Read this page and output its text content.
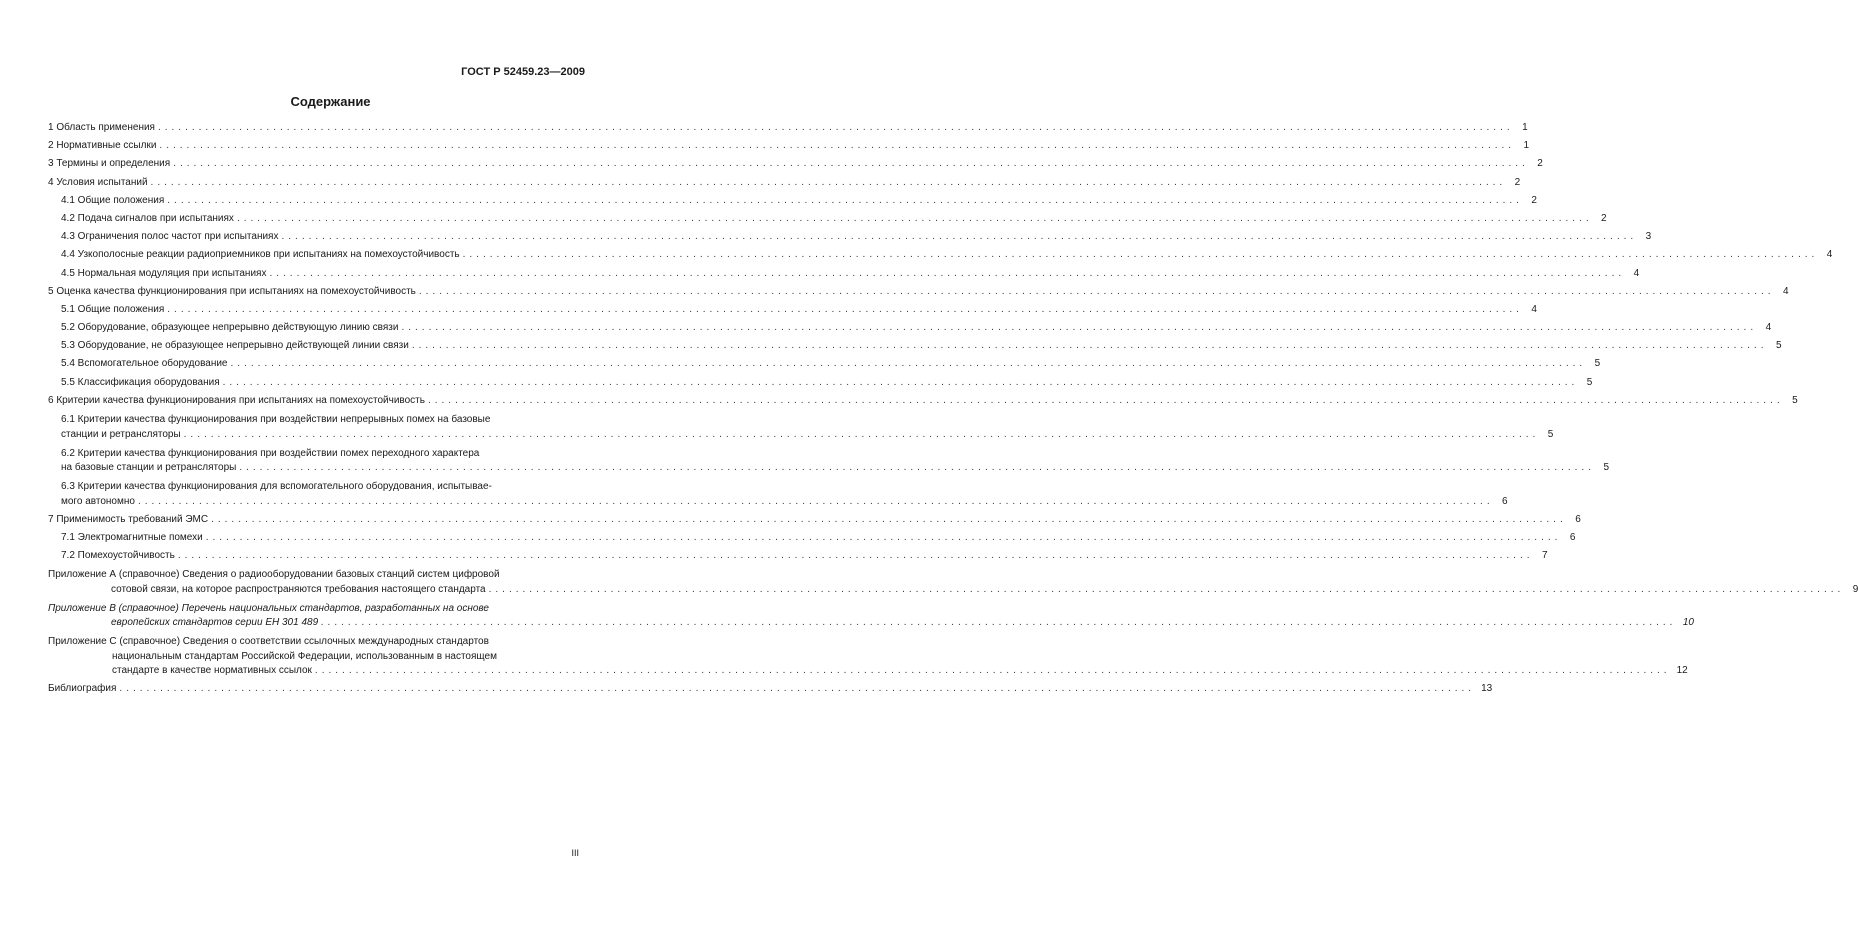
ГОСТ Р 52459.23—2009
Содержание
1 Область применения ........................................................................................................................................................................................................ 1
2 Нормативные ссылки ........................................................................................................................................................................................................ 1
3 Термины и определения ........................................................................................................................................................................................................ 2
4 Условия испытаний ........................................................................................................................................................................................................ 2
4.1 Общие положения ........................................................................................................................................................................................................ 2
4.2 Подача сигналов при испытаниях ........................................................................................................................................................................................................ 2
4.3 Ограничения полос частот при испытаниях ........................................................................................................................................................................................................ 3
4.4 Узкополосные реакции радиоприемников при испытаниях на помехоустойчивость ........................................................................................................................................................................................................ 4
4.5 Нормальная модуляция при испытаниях ........................................................................................................................................................................................................ 4
5 Оценка качества функционирования при испытаниях на помехоустойчивость ........................................................................................................................................................................................................ 4
5.1 Общие положения ........................................................................................................................................................................................................ 4
5.2 Оборудование, образующее непрерывно действующую линию связи ........................................................................................................................................................................................................ 4
5.3 Оборудование, не образующее непрерывно действующей линии связи ........................................................................................................................................................................................................ 5
5.4 Вспомогательное оборудование ........................................................................................................................................................................................................ 5
5.5 Классификация оборудования ........................................................................................................................................................................................................ 5
6 Критерии качества функционирования при испытаниях на помехоустойчивость ........................................................................................................................................................................................................ 5
6.1 Критерии качества функционирования при воздействии непрерывных помех на базовые
станции и ретрансляторы ........................................................................................................................................................................................................ 5
6.2 Критерии качества функционирования при воздействии помех переходного характера
на базовые станции и ретрансляторы ........................................................................................................................................................................................................ 5
6.3 Критерии качества функционирования для вспомогательного оборудования, испытывае-
мого автономно ........................................................................................................................................................................................................ 6
7 Применимость требований ЭМС ........................................................................................................................................................................................................ 6
7.1 Электромагнитные помехи ........................................................................................................................................................................................................ 6
7.2 Помехоустойчивость ........................................................................................................................................................................................................ 7
Приложение А (справочное) Сведения о радиооборудовании базовых станций систем цифровой
сотовой связи, на которое распространяются требования настоящего стандарта ........................................................................................................................................................................................................ 9
Приложение В (справочное) Перечень национальных стандартов, разработанных на основе
европейских стандартов серии ЕН 301 489 ........................................................................................................................................................................................................ 10
Приложение С (справочное) Сведения о соответствии ссылочных международных стандартов
национальным стандартам Российской Федерации, использованным в настоящем
стандарте в качестве нормативных ссылок ........................................................................................................................................................................................................ 12
Библиография ........................................................................................................................................................................................................ 13
III
